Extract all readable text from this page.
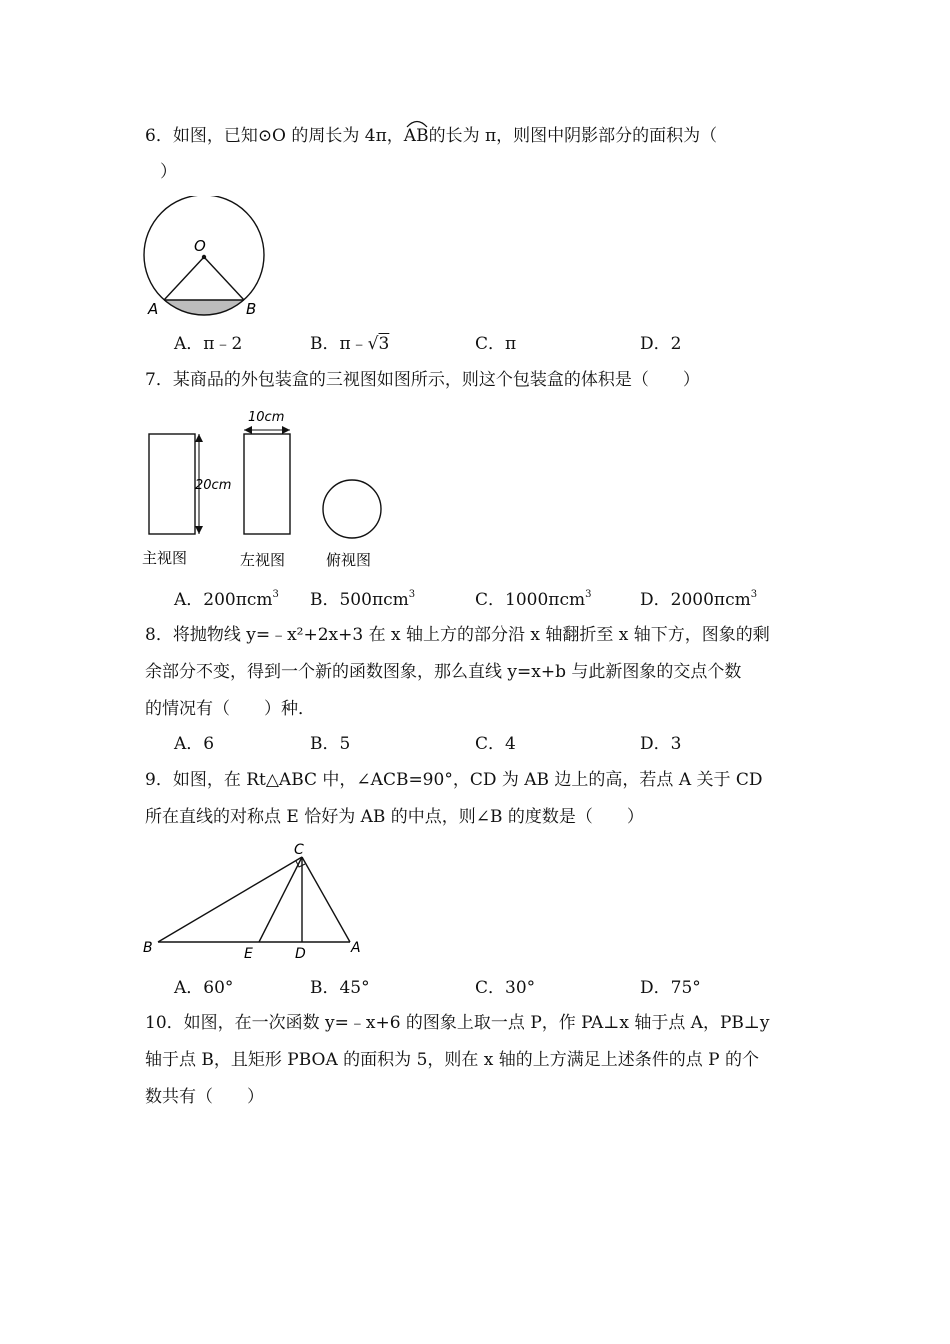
6．如图，已知⊙O 的周长为 4π，
AB的长为 π，则图中阴影部分的面积为（
）
O
A	B
A．π﹣2	B．π﹣√3	C．π	D．2
7．某商品的外包装盒的三视图如图所示，则这个包装盒的体积是（　　）
20cm
10cm
主视图	左视图	俯视图
A．200πcm$^3$ B．500πcm$^3$	C．1000πcm$^3$	D．2000πcm$^3$
8．将抛物线 y=﹣x²+2x+3 在 x 轴上方的部分沿 x 轴翻折至 x 轴下方，图象的剩
余部分不变，得到一个新的函数图象，那么直线 y=x+b 与此新图象的交点个数
的情况有（　　）种．
A．6	B．5	C．4	D．3
9．如图，在 Rt△ABC 中，∠ACB=90°，CD 为 AB 边上的高，若点 A 关于 CD
所在直线的对称点 E 恰好为 AB 的中点，则∠B 的度数是（　　）
C
B	E	D	A
A．60°	B．45°	C．30°	D．75°
10．如图，在一次函数 y=﹣x+6 的图象上取一点 P，作 PA⊥x 轴于点 A，PB⊥y
轴于点 B，且矩形 PBOA 的面积为 5，则在 x 轴的上方满足上述条件的点 P 的个
数共有（　　）
